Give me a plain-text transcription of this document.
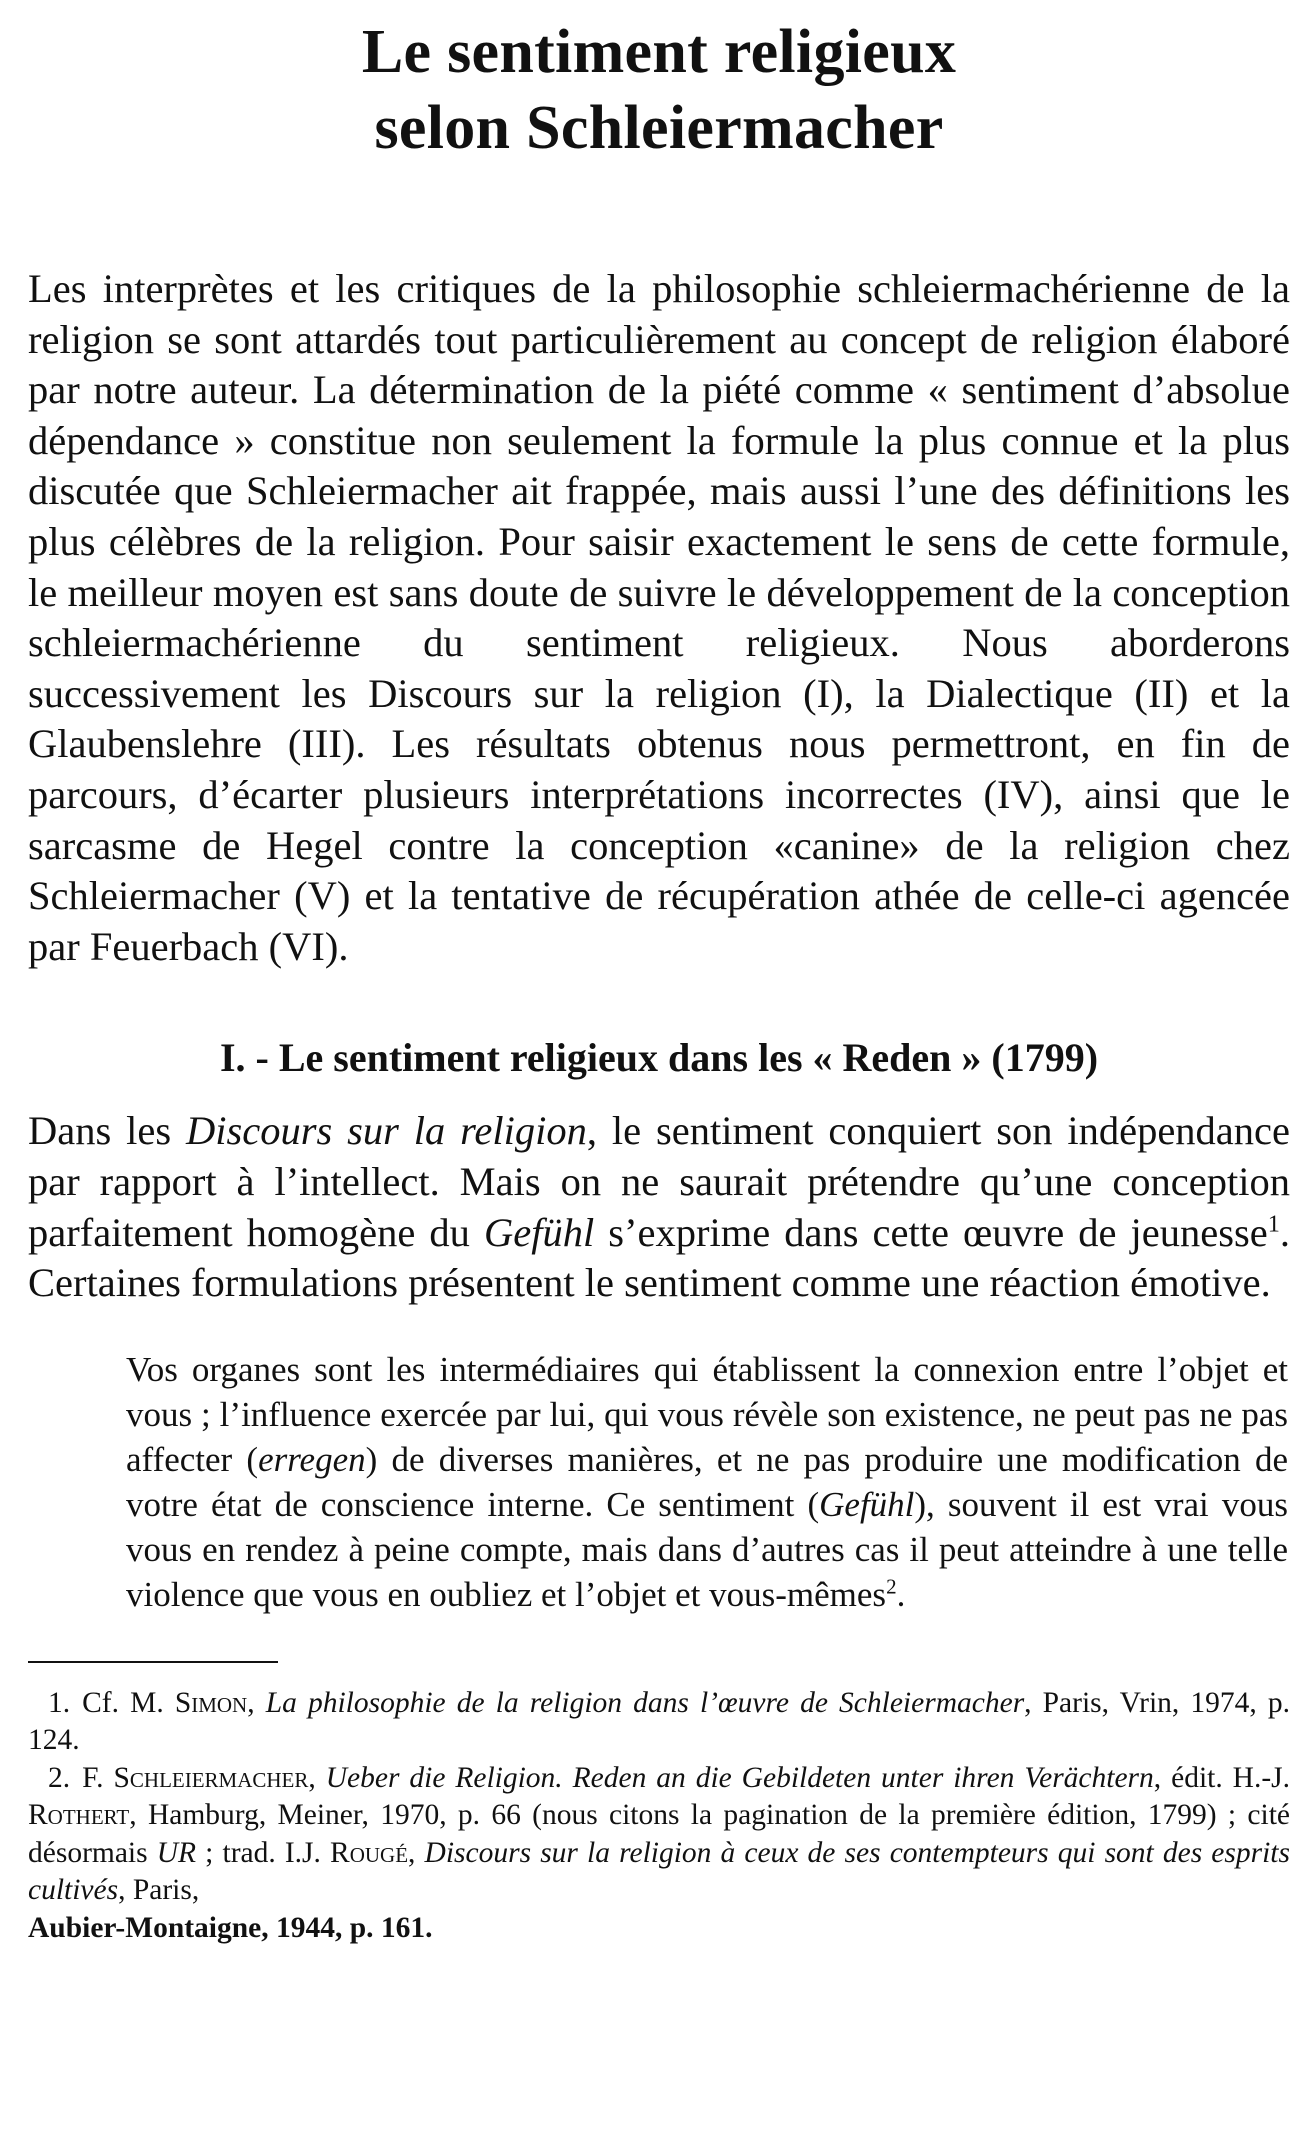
Le sentiment religieux
selon Schleiermacher

Les interprètes et les critiques de la philosophie schleiermachérienne de la religion se sont attardés tout particulièrement au concept de religion élaboré par notre auteur. La détermination de la piété comme « sentiment d’absolue dépendance » constitue non seulement la formule la plus connue et la plus discutée que Schleiermacher ait frappée, mais aussi l’une des définitions les plus célèbres de la religion. Pour saisir exactement le sens de cette formule, le meilleur moyen est sans doute de suivre le développement de la conception schleiermachérienne du sentiment religieux. Nous aborderons successivement les Discours sur la religion (I), la Dialectique (II) et la Glaubenslehre (III). Les résultats obtenus nous permettront, en fin de parcours, d’écarter plusieurs interprétations incorrectes (IV), ainsi que le sarcasme de Hegel contre la conception «canine» de la religion chez Schleiermacher (V) et la tentative de récupération athée de celle-ci agencée par Feuerbach (VI).

I. - Le sentiment religieux dans les « Reden » (1799)

Dans les Discours sur la religion, le sentiment conquiert son indépendance par rapport à l’intellect. Mais on ne saurait prétendre qu’une conception parfaitement homogène du Gefühl s’exprime dans cette œuvre de jeunesse$^1$. Certaines formulations présentent le sentiment comme une réaction émotive.

Vos organes sont les intermédiaires qui établissent la connexion entre l’objet et vous ; l’influence exercée par lui, qui vous révèle son existence, ne peut pas ne pas affecter (erregen) de diverses manières, et ne pas produire une modification de votre état de conscience interne. Ce sentiment (Gefühl), souvent il est vrai vous vous en rendez à peine compte, mais dans d’autres cas il peut atteindre à une telle violence que vous en oubliez et l’objet et vous-mêmes$^2$.

1. Cf. M. Simon, La philosophie de la religion dans l’œuvre de Schleiermacher, Paris, Vrin, 1974, p. 124.

2. F. Schleiermacher, Ueber die Religion. Reden an die Gebildeten unter ihren Verächtern, édit. H.-J. Rothert, Hamburg, Meiner, 1970, p. 66 (nous citons la pagination de la première édition, 1799) ; cité désormais UR ; trad. I.J. Rougé, Discours sur la religion à ceux de ses contempteurs qui sont des esprits cultivés, Paris,
Aubier-Montaigne, 1944, p. 161.
